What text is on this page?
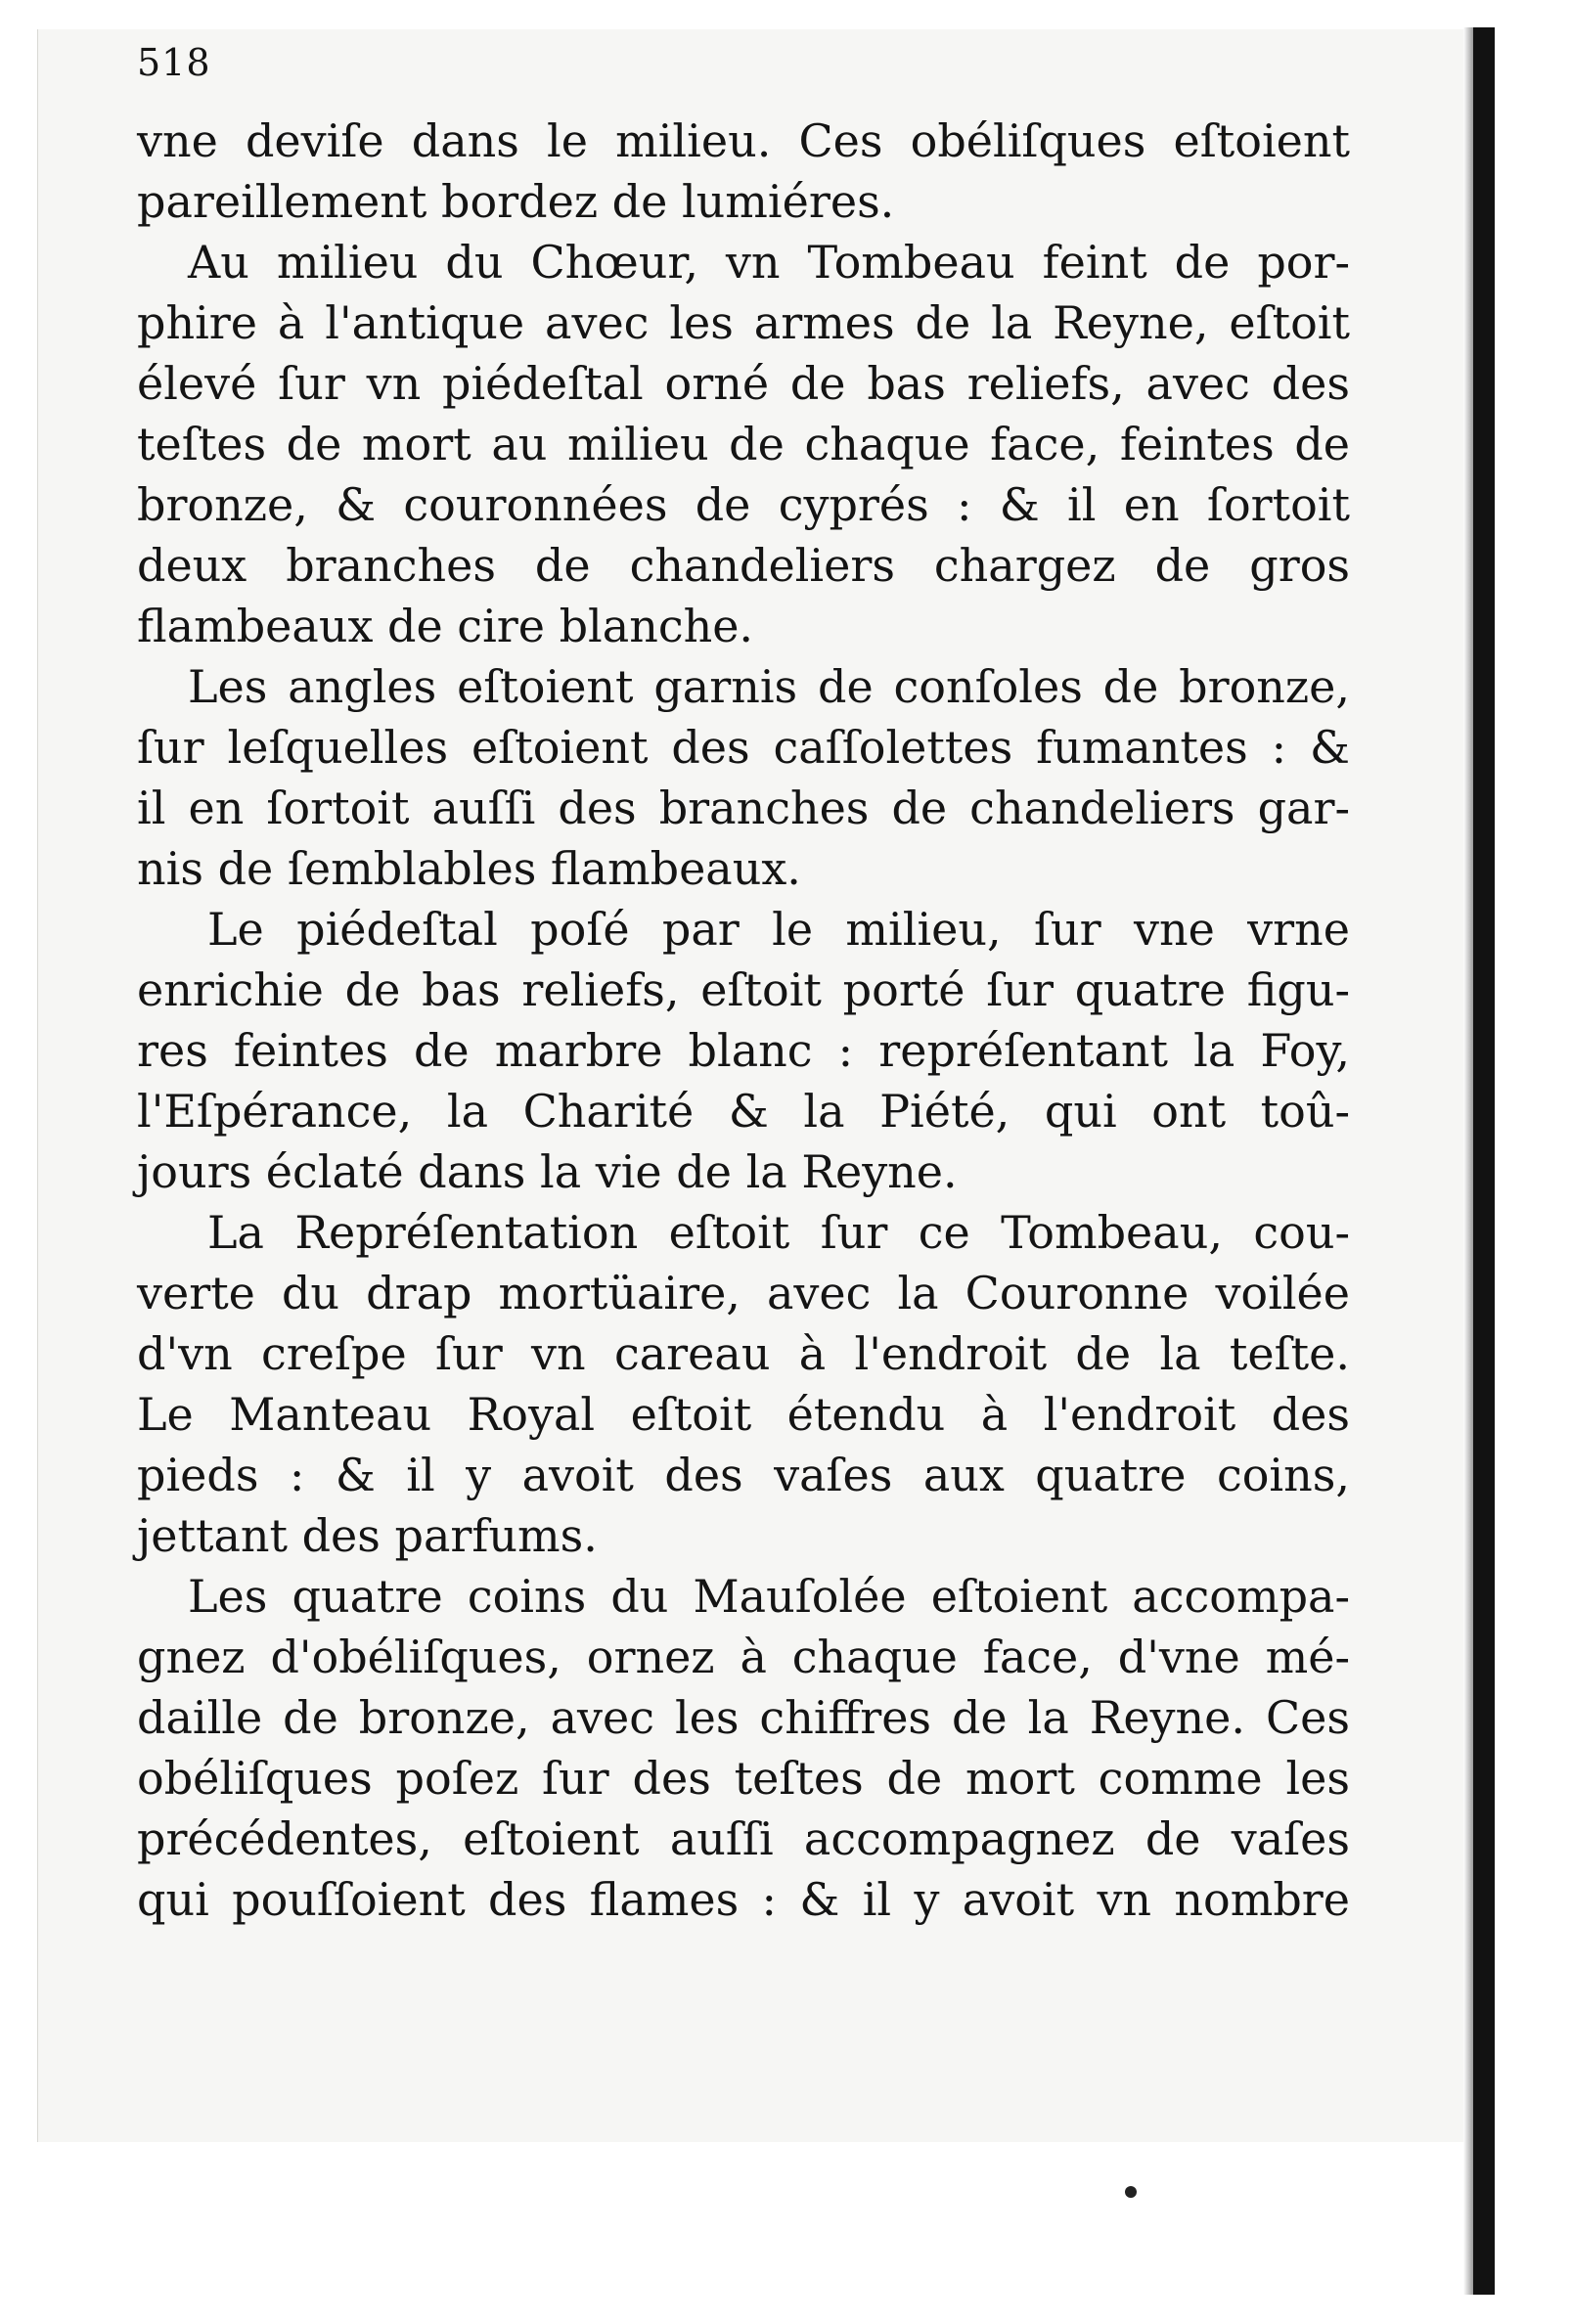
518
vne deviſe dans le milieu. Ces obéliſques eſtoient
pareillement bordez de lumiéres.
Au milieu du Chœur, vn Tombeau feint de por-
phire à l'antique avec les armes de la Reyne, eſtoit
élevé ſur vn piédeſtal orné de bas reliefs, avec des
teſtes de mort au milieu de chaque face, feintes de
bronze, & couronnées de cyprés : & il en ſortoit
deux branches de chandeliers chargez de gros
flambeaux de cire blanche.
Les angles eſtoient garnis de conſoles de bronze,
ſur leſquelles eſtoient des caſſolettes fumantes : &
il en ſortoit auſſi des branches de chandeliers gar-
nis de ſemblables flambeaux.
Le piédeſtal poſé par le milieu, ſur vne vrne
enrichie de bas reliefs, eſtoit porté ſur quatre figu-
res feintes de marbre blanc : repréſentant la Foy,
l'Eſpérance, la Charité & la Piété, qui ont toû-
jours éclaté dans la vie de la Reyne.
La Repréſentation eſtoit ſur ce Tombeau, cou-
verte du drap mortüaire, avec la Couronne voilée
d'vn creſpe ſur vn careau à l'endroit de la teſte.
Le Manteau Royal eſtoit étendu à l'endroit des
pieds : & il y avoit des vaſes aux quatre coins,
jettant des parfums.
Les quatre coins du Mauſolée eſtoient accompa-
gnez d'obéliſques, ornez à chaque face, d'vne mé-
daille de bronze, avec les chiffres de la Reyne. Ces
obéliſques poſez ſur des teſtes de mort comme les
précédentes, eſtoient auſſi accompagnez de vaſes
qui pouſſoient des flames : & il y avoit vn nombre
